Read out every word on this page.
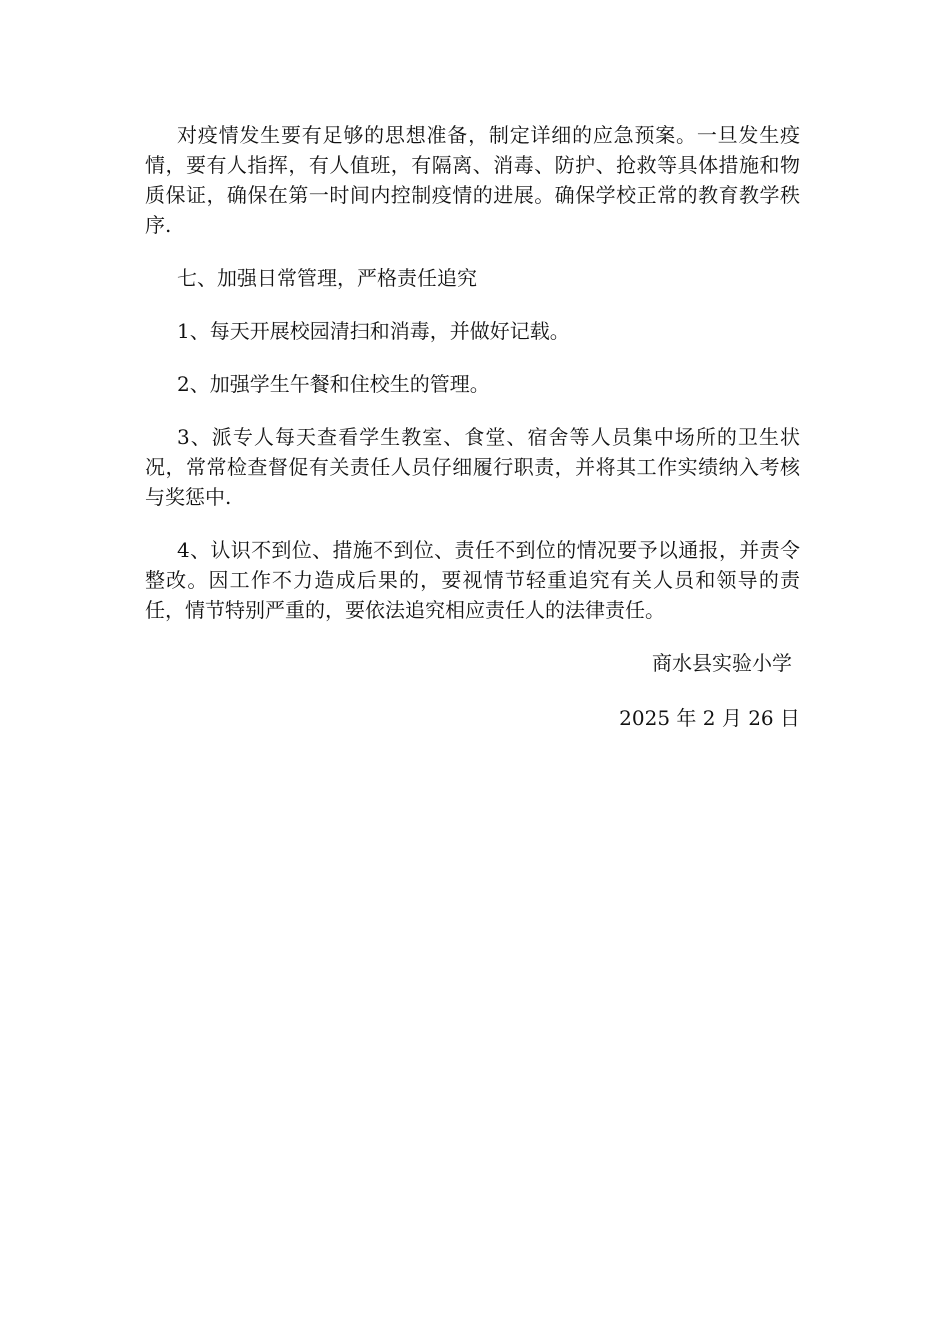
对疫情发生要有足够的思想准备，制定详细的应急预案。一旦发生疫情，要有人指挥，有人值班，有隔离、消毒、防护、抢救等具体措施和物质保证，确保在第一时间内控制疫情的进展。确保学校正常的教育教学秩序.

七、加强日常管理，严格责任追究

1、每天开展校园清扫和消毒，并做好记载。

2、加强学生午餐和住校生的管理。

3、派专人每天查看学生教室、食堂、宿舍等人员集中场所的卫生状况，常常检查督促有关责任人员仔细履行职责，并将其工作实绩纳入考核与奖惩中.

4、认识不到位、措施不到位、责任不到位的情况要予以通报，并责令整改。因工作不力造成后果的，要视情节轻重追究有关人员和领导的责任，情节特别严重的，要依法追究相应责任人的法律责任。

商水县实验小学

2025 年 2 月 26 日
